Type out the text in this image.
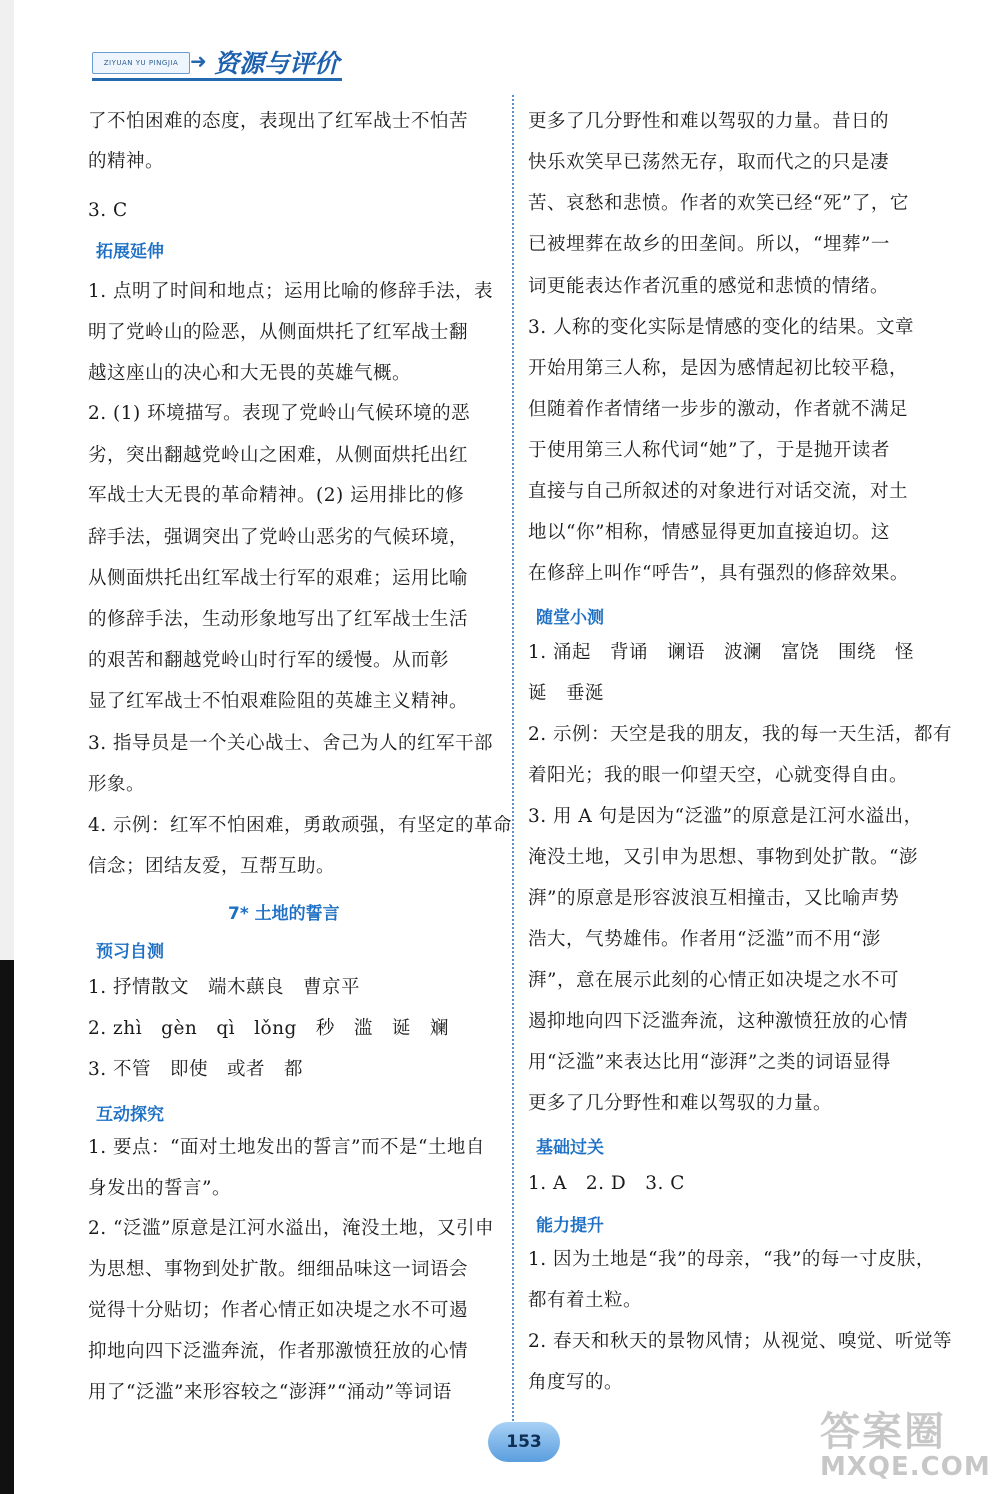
ZIYUAN YU PINGJIA ➜ 资源与评价
了不怕困难的态度，表现出了红军战士不怕苦
的精神。
3. C
拓展延伸
1. 点明了时间和地点；运用比喻的修辞手法，表
明了党岭山的险恶，从侧面烘托了红军战士翻
越这座山的决心和大无畏的英雄气概。
2. (1) 环境描写。表现了党岭山气候环境的恶
劣，突出翻越党岭山之困难，从侧面烘托出红
军战士大无畏的革命精神。(2) 运用排比的修
辞手法，强调突出了党岭山恶劣的气候环境，
从侧面烘托出红军战士行军的艰难；运用比喻
的修辞手法，生动形象地写出了红军战士生活
的艰苦和翻越党岭山时行军的缓慢。从而彰
显了红军战士不怕艰难险阻的英雄主义精神。
3. 指导员是一个关心战士、舍己为人的红军干部
形象。
4. 示例：红军不怕困难，勇敢顽强，有坚定的革命
信念；团结友爱，互帮互助。
7* 土地的誓言
预习自测
1. 抒情散文　端木蕻良　曹京平
2. zhì　gèn　qì　lǒng　秒　滥　诞　斓
3. 不管　即使　或者　都
互动探究
1. 要点：“面对土地发出的誓言”而不是“土地自
身发出的誓言”。
2. “泛滥”原意是江河水溢出，淹没土地，又引申
为思想、事物到处扩散。细细品味这一词语会
觉得十分贴切；作者心情正如决堤之水不可遏
抑地向四下泛滥奔流，作者那激愤狂放的心情
用了“泛滥”来形容较之“澎湃”“涌动”等词语
更多了几分野性和难以驾驭的力量。昔日的
快乐欢笑早已荡然无存，取而代之的只是凄
苦、哀愁和悲愤。作者的欢笑已经“死”了，它
已被埋葬在故乡的田垄间。所以，“埋葬”一
词更能表达作者沉重的感觉和悲愤的情绪。
3. 人称的变化实际是情感的变化的结果。文章
开始用第三人称，是因为感情起初比较平稳，
但随着作者情绪一步步的激动，作者就不满足
于使用第三人称代词“她”了，于是抛开读者
直接与自己所叙述的对象进行对话交流，对土
地以“你”相称，情感显得更加直接迫切。这
在修辞上叫作“呼告”，具有强烈的修辞效果。
随堂小测
1. 涌起　背诵　谰语　波澜　富饶　围绕　怪
诞　垂涎
2. 示例：天空是我的朋友，我的每一天生活，都有
着阳光；我的眼一仰望天空，心就变得自由。
3. 用 A 句是因为“泛滥”的原意是江河水溢出，
淹没土地，又引申为思想、事物到处扩散。“澎
湃”的原意是形容波浪互相撞击，又比喻声势
浩大，气势雄伟。作者用“泛滥”而不用“澎
湃”，意在展示此刻的心情正如决堤之水不可
遏抑地向四下泛滥奔流，这种激愤狂放的心情
用“泛滥”来表达比用“澎湃”之类的词语显得
更多了几分野性和难以驾驭的力量。
基础过关
1. A　2. D　3. C
能力提升
1. 因为土地是“我”的母亲，“我”的每一寸皮肤，
都有着土粒。
2. 春天和秋天的景物风情；从视觉、嗅觉、听觉等
角度写的。
153	答案圈
MXQE.COM
